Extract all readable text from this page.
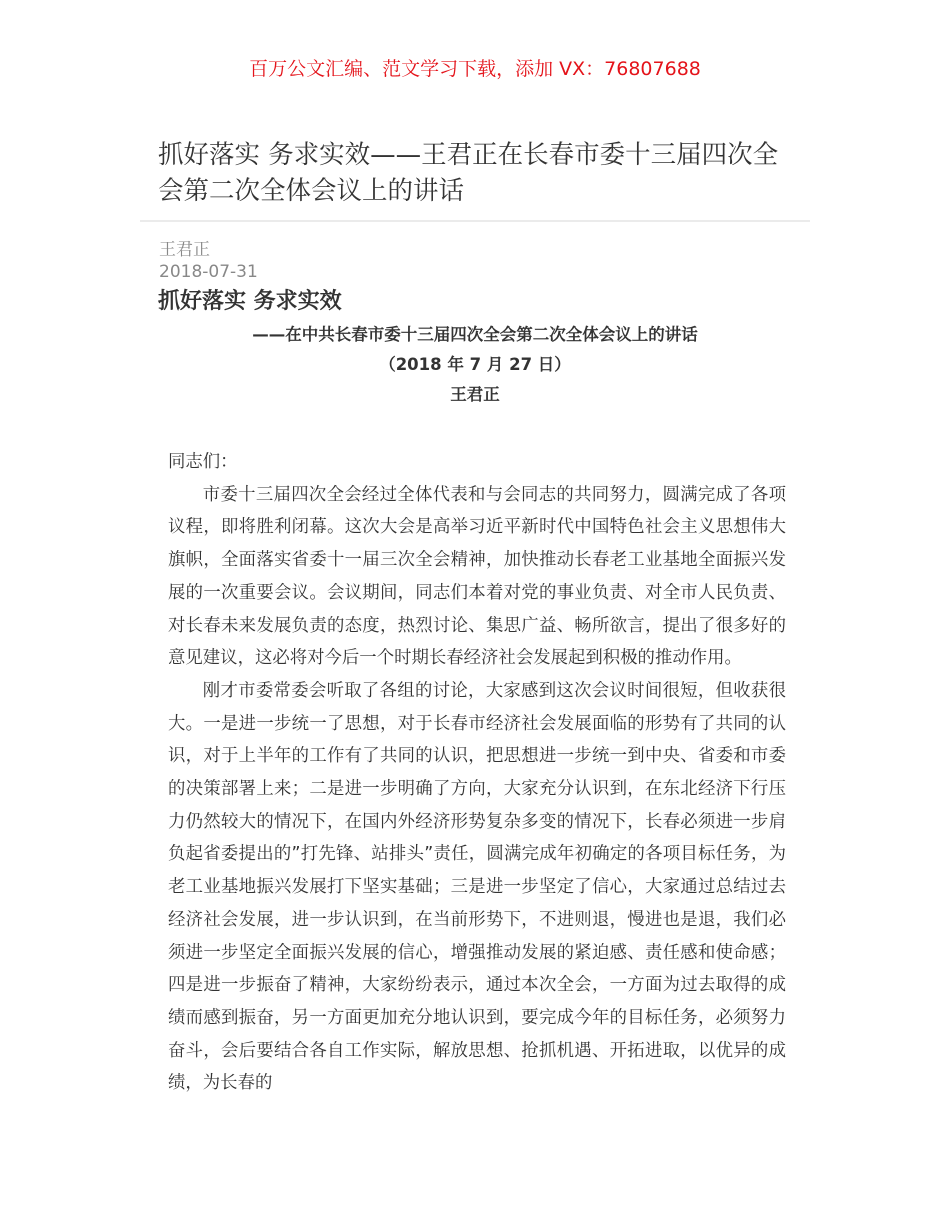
百万公文汇编、范文学习下载，添加 VX：76807688
抓好落实 务求实效——王君正在长春市委十三届四次全会第二次全体会议上的讲话
王君正
2018-07-31
抓好落实 务求实效
——在中共长春市委十三届四次全会第二次全体会议上的讲话
（2018 年 7 月 27 日）
王君正

同志们：

市委十三届四次全会经过全体代表和与会同志的共同努力，圆满完成了各项议程，即将胜利闭幕。这次大会是高举习近平新时代中国特色社会主义思想伟大旗帜，全面落实省委十一届三次全会精神，加快推动长春老工业基地全面振兴发展的一次重要会议。会议期间，同志们本着对党的事业负责、对全市人民负责、对长春未来发展负责的态度，热烈讨论、集思广益、畅所欲言，提出了很多好的意见建议，这必将对今后一个时期长春经济社会发展起到积极的推动作用。

刚才市委常委会听取了各组的讨论，大家感到这次会议时间很短，但收获很大。一是进一步统一了思想，对于长春市经济社会发展面临的形势有了共同的认识，对于上半年的工作有了共同的认识，把思想进一步统一到中央、省委和市委的决策部署上来；二是进一步明确了方向，大家充分认识到，在东北经济下行压力仍然较大的情况下，在国内外经济形势复杂多变的情况下，长春必须进一步肩负起省委提出的”打先锋、站排头”责任，圆满完成年初确定的各项目标任务，为老工业基地振兴发展打下坚实基础；三是进一步坚定了信心，大家通过总结过去经济社会发展，进一步认识到，在当前形势下，不进则退，慢进也是退，我们必须进一步坚定全面振兴发展的信心，增强推动发展的紧迫感、责任感和使命感；四是进一步振奋了精神，大家纷纷表示，通过本次全会，一方面为过去取得的成绩而感到振奋，另一方面更加充分地认识到，要完成今年的目标任务，必须努力奋斗，会后要结合各自工作实际，解放思想、抢抓机遇、开拓进取，以优异的成绩，为长春的
